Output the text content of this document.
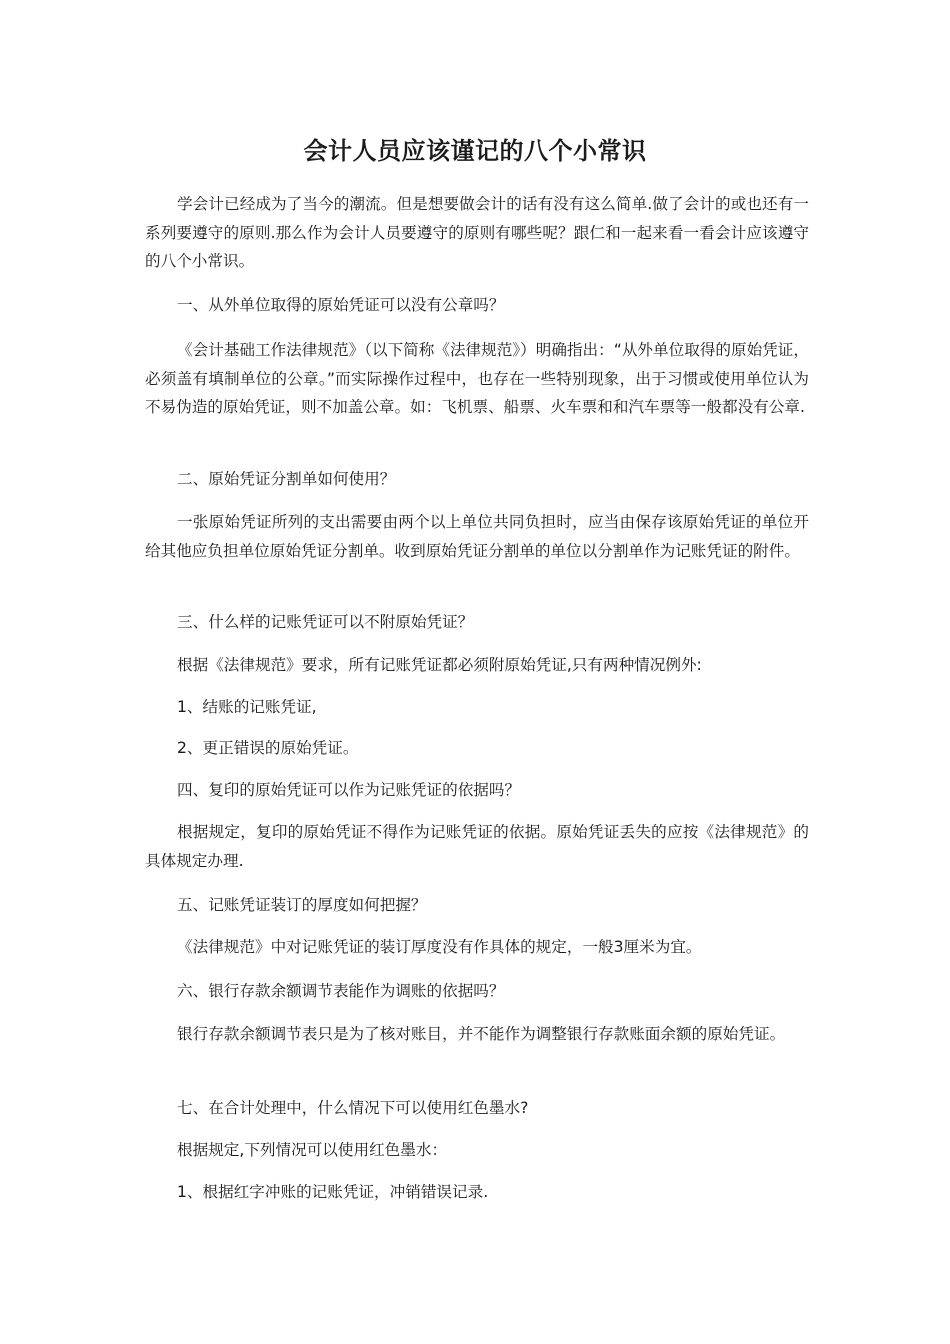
会计人员应该谨记的八个小常识

学会计已经成为了当今的潮流。但是想要做会计的话有没有这么简单.做了会计的或也还有一系列要遵守的原则.那么作为会计人员要遵守的原则有哪些呢？跟仁和一起来看一看会计应该遵守的八个小常识。

一、从外单位取得的原始凭证可以没有公章吗？

《会计基础工作法律规范》（以下简称《法律规范》）明确指出：“从外单位取得的原始凭证，必须盖有填制单位的公章。”而实际操作过程中，也存在一些特别现象，出于习惯或使用单位认为不易伪造的原始凭证，则不加盖公章。如：飞机票、船票、火车票和和汽车票等一般都没有公章.

二、原始凭证分割单如何使用？

一张原始凭证所列的支出需要由两个以上单位共同负担时，应当由保存该原始凭证的单位开给其他应负担单位原始凭证分割单。收到原始凭证分割单的单位以分割单作为记账凭证的附件。

三、什么样的记账凭证可以不附原始凭证？

根据《法律规范》要求，所有记账凭证都必须附原始凭证,只有两种情况例外:

1、结账的记账凭证,

2、更正错误的原始凭证。

四、复印的原始凭证可以作为记账凭证的依据吗？

根据规定，复印的原始凭证不得作为记账凭证的依据。原始凭证丢失的应按《法律规范》的具体规定办理.

五、记账凭证装订的厚度如何把握？

《法律规范》中对记账凭证的装订厚度没有作具体的规定，一般3厘米为宜。

六、银行存款余额调节表能作为调账的依据吗？

银行存款余额调节表只是为了核对账目，并不能作为调整银行存款账面余额的原始凭证。

七、在合计处理中，什么情况下可以使用红色墨水?

根据规定,下列情况可以使用红色墨水：

1、根据红字冲账的记账凭证，冲销错误记录.
